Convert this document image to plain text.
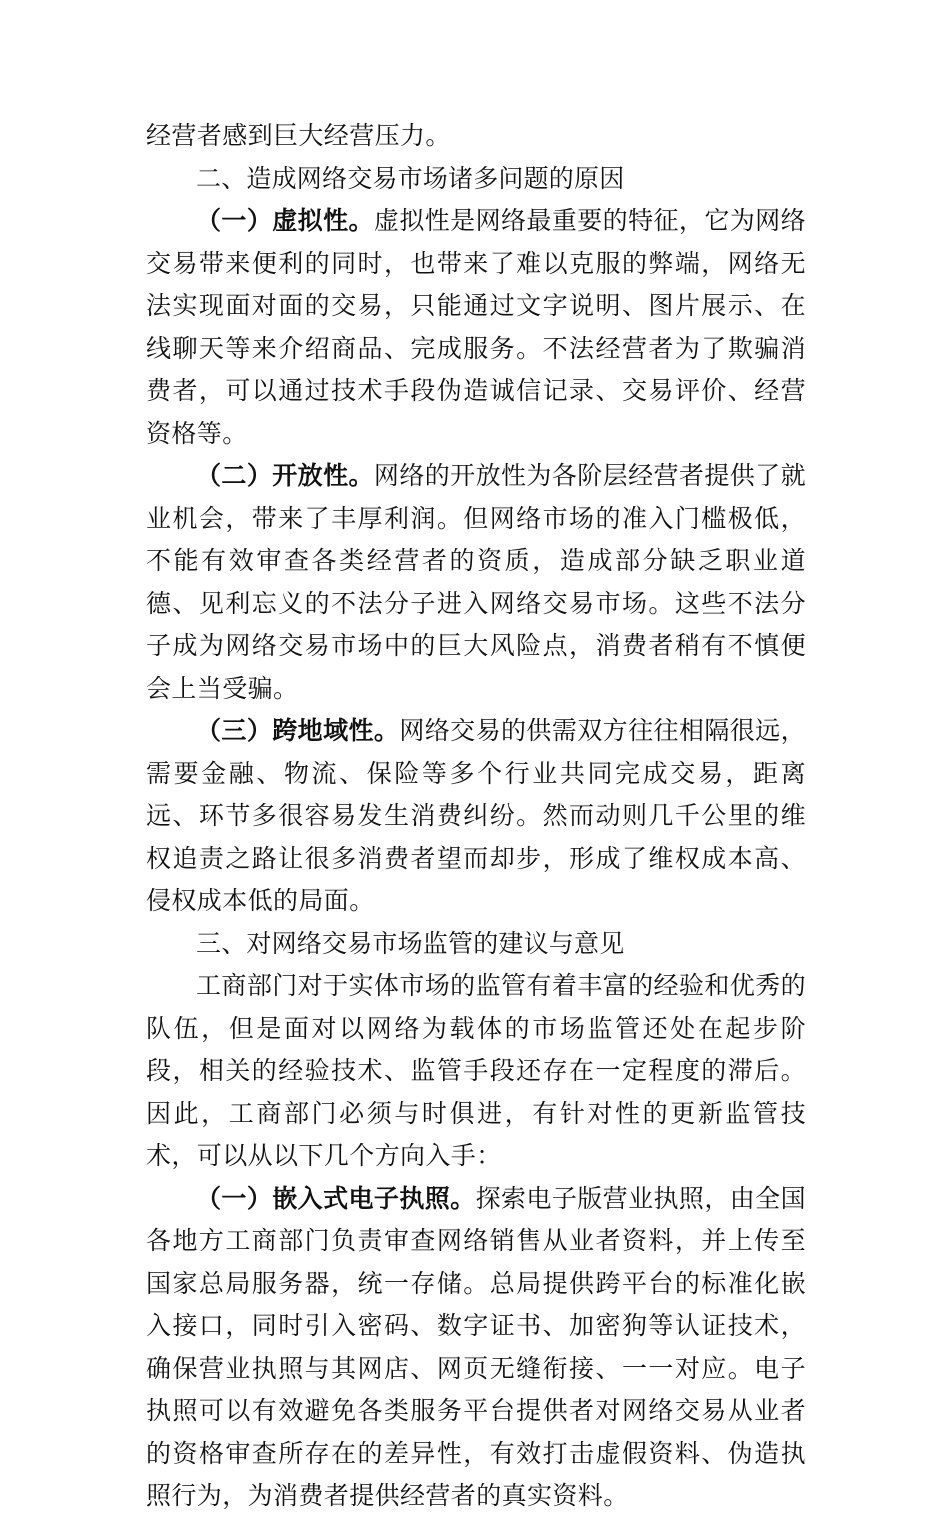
经营者感到巨大经营压力。

二、造成网络交易市场诸多问题的原因

（一）虚拟性。虚拟性是网络最重要的特征，它为网络交易带来便利的同时，也带来了难以克服的弊端，网络无法实现面对面的交易，只能通过文字说明、图片展示、在线聊天等来介绍商品、完成服务。不法经营者为了欺骗消费者，可以通过技术手段伪造诚信记录、交易评价、经营资格等。

（二）开放性。网络的开放性为各阶层经营者提供了就业机会，带来了丰厚利润。但网络市场的准入门槛极低，不能有效审查各类经营者的资质，造成部分缺乏职业道德、见利忘义的不法分子进入网络交易市场。这些不法分子成为网络交易市场中的巨大风险点，消费者稍有不慎便会上当受骗。

（三）跨地域性。网络交易的供需双方往往相隔很远，需要金融、物流、保险等多个行业共同完成交易，距离远、环节多很容易发生消费纠纷。然而动则几千公里的维权追责之路让很多消费者望而却步，形成了维权成本高、侵权成本低的局面。

三、对网络交易市场监管的建议与意见

工商部门对于实体市场的监管有着丰富的经验和优秀的队伍，但是面对以网络为载体的市场监管还处在起步阶段，相关的经验技术、监管手段还存在一定程度的滞后。因此，工商部门必须与时俱进，有针对性的更新监管技术，可以从以下几个方向入手：

（一）嵌入式电子执照。探索电子版营业执照，由全国各地方工商部门负责审查网络销售从业者资料，并上传至国家总局服务器，统一存储。总局提供跨平台的标准化嵌入接口，同时引入密码、数字证书、加密狗等认证技术，确保营业执照与其网店、网页无缝衔接、一一对应。电子执照可以有效避免各类服务平台提供者对网络交易从业者的资格审查所存在的差异性，有效打击虚假资料、伪造执照行为，为消费者提供经营者的真实资料。
